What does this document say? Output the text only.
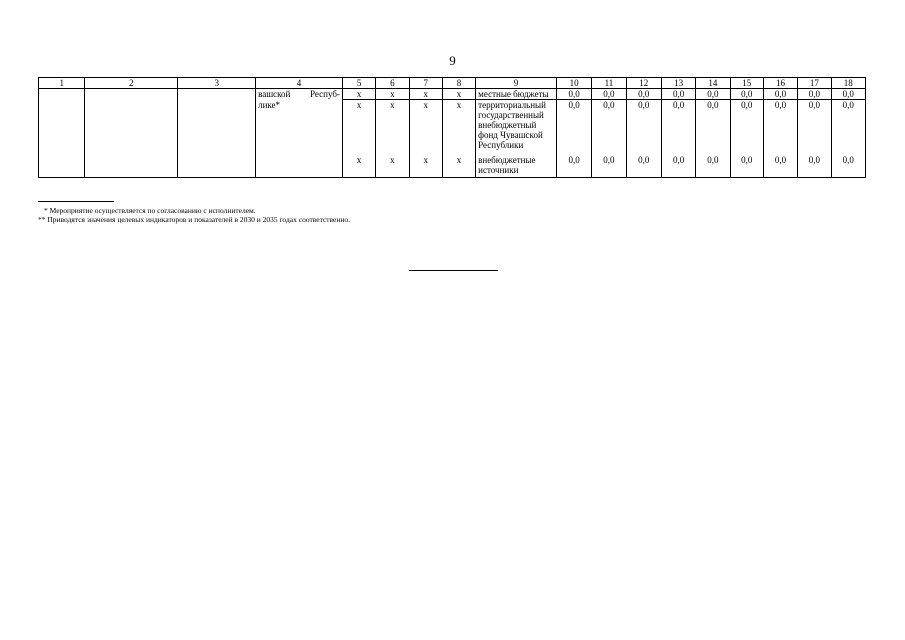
9
1	2	3	4	5	6	7	8	9	10	11	12	13	14	15	16	17	18
			вашской Респуб-	x	x	x	x	местные бюджеты	0,0	0,0	0,0	0,0	0,0	0,0	0,0	0,0	0,0
			лике*	x	x	x	x	территориальный государственный внебюджетный фонд Чувашской Республики	0,0	0,0	0,0	0,0	0,0	0,0	0,0	0,0	0,0
				x	x	x	x	внебюджетные источники	0,0	0,0	0,0	0,0	0,0	0,0	0,0	0,0	0,0
* Мероприятие осуществляется по согласованию с исполнителем.
** Приводятся значения целевых индикаторов и показателей в 2030 и 2035 годах соответственно.
